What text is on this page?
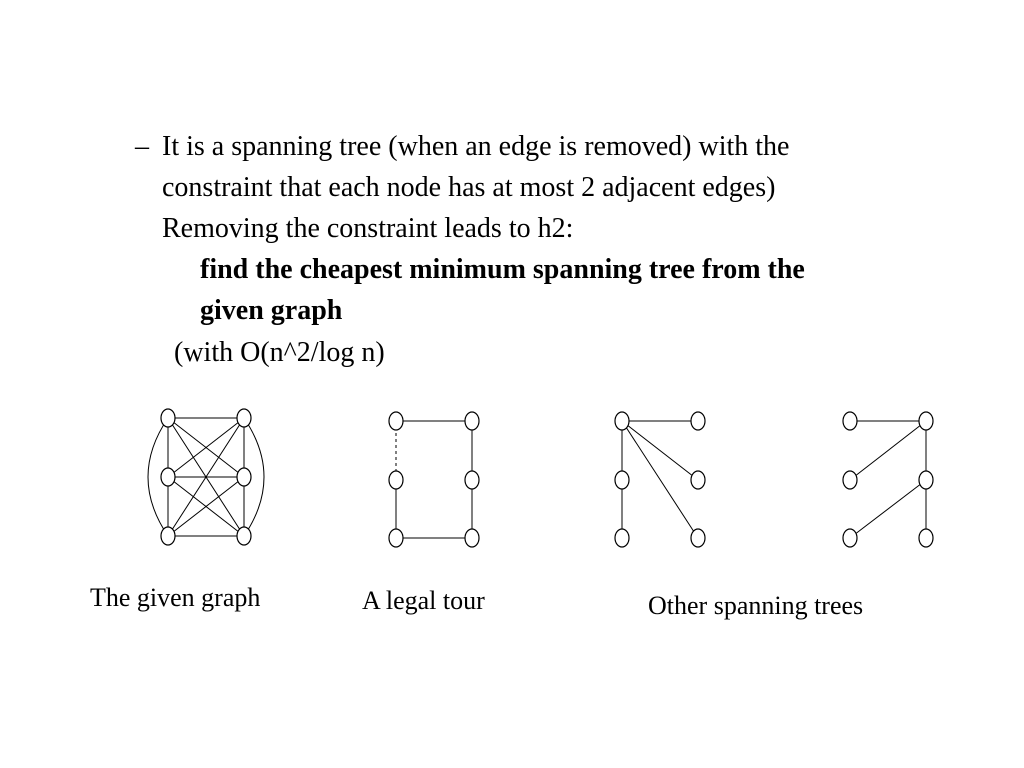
– It is a spanning tree (when an edge is removed) with the
constraint that each node has at most 2 adjacent edges)
Removing the constraint leads to h2:
find the cheapest minimum spanning tree from the
given graph
(with O(n^2/log n)
The given graph	A legal tour	Other spanning trees
